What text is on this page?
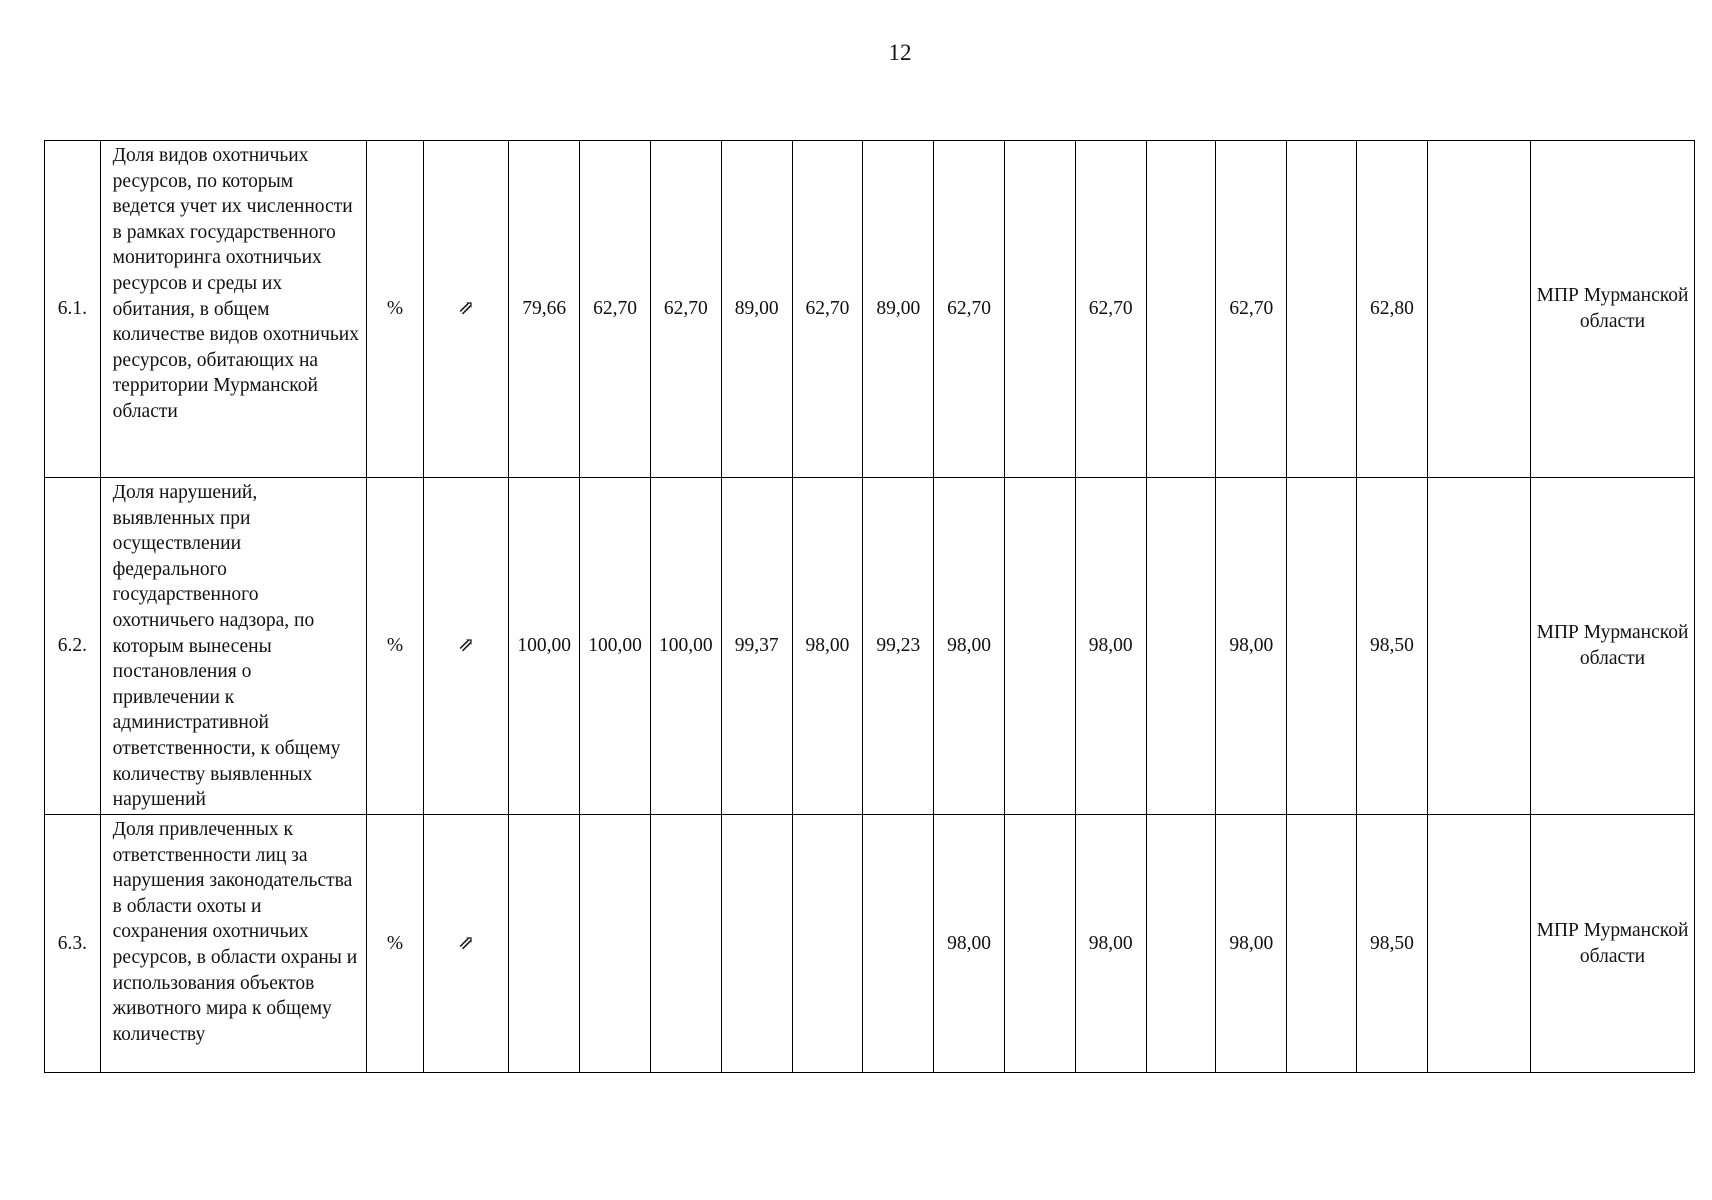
12
6.1.	Доля видов охотничьих ресурсов, по которым ведется учет их численности в рамках государственного мониторинга охотничьих ресурсов и среды их обитания, в общем количестве видов охотничьих ресурсов, обитающих на территории Мурманской области	%	⇗	79,66	62,70	62,70	89,00	62,70	89,00	62,70		62,70		62,70		62,80		МПР Мурманской области
6.2.	Доля нарушений, выявленных при осуществлении федерального государственного охотничьего надзора, по которым вынесены постановления о привлечении к административной ответственности, к общему количеству выявленных нарушений	%	⇗	100,00	100,00	100,00	99,37	98,00	99,23	98,00		98,00		98,00		98,50		МПР Мурманской области
6.3.	Доля привлеченных к ответственности лиц за нарушения законодательства в области охоты и сохранения охотничьих ресурсов, в области охраны и использования объектов животного мира к общему количеству	%	⇗							98,00		98,00		98,00		98,50		МПР Мурманской области
